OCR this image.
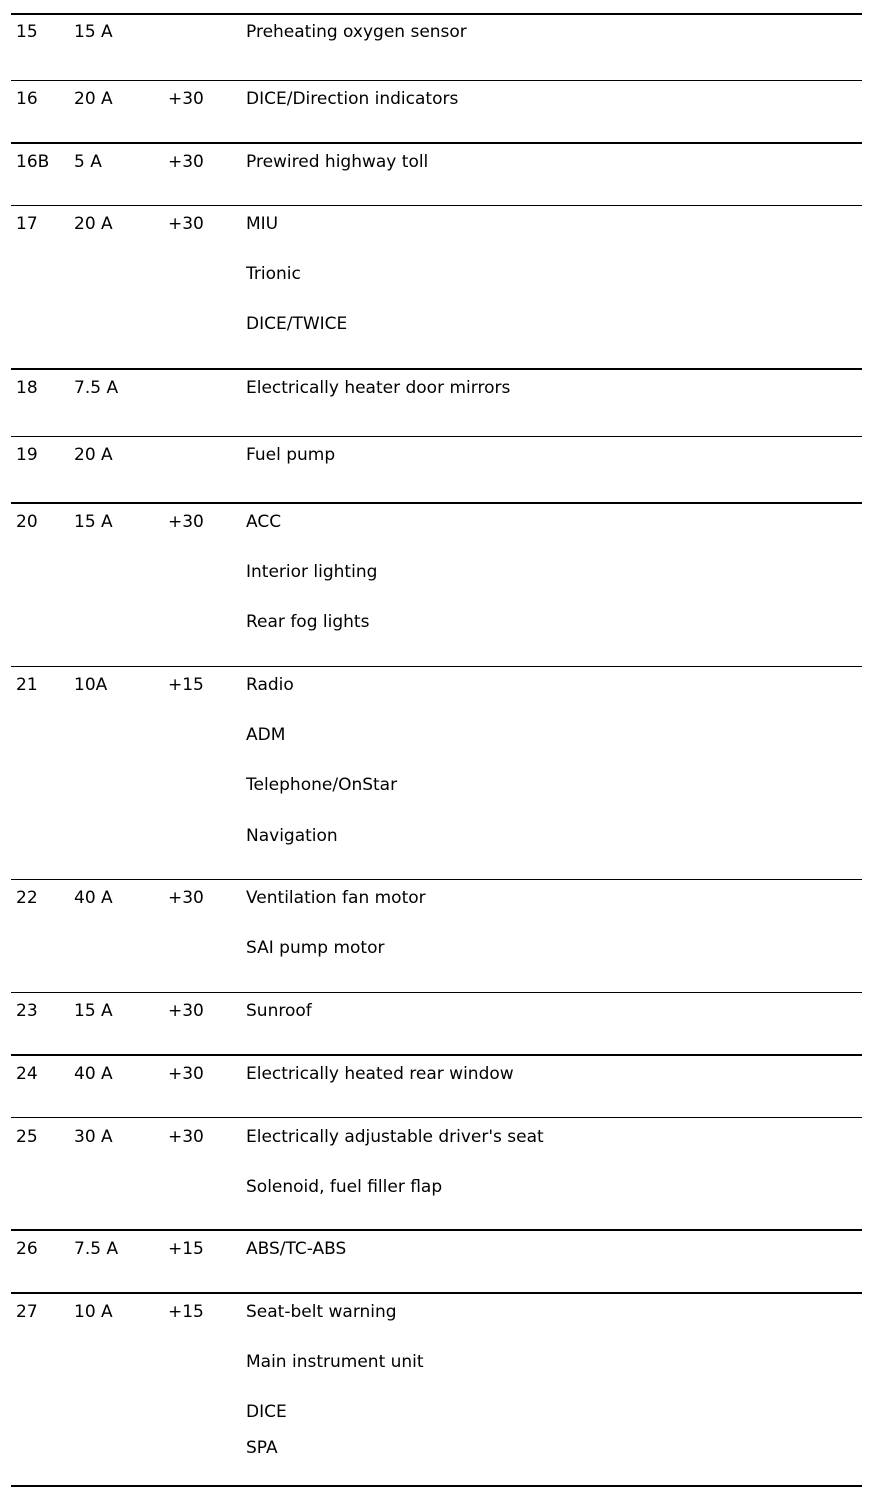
15 15 A	Preheating oxygen sensor
16 20 A	+30 DICE/Direction indicators
16B 5 A	+30 Prewired highway toll
17 20 A	+30 MIU
Trionic
DICE/TWICE
18 7.5 A	Electrically heater door mirrors
19 20 A	Fuel pump
20 15 A	+30 ACC
Interior lighting
Rear fog lights
21 10A	+15 Radio
ADM
Telephone/OnStar
Navigation
22 40 A	+30 Ventilation fan motor
SAI pump motor
23 15 A	+30 Sunroof
24 40 A	+30 Electrically heated rear window
25 30 A	+30 Electrically adjustable driver's seat
Solenoid, fuel filler flap
26 7.5 A	+15 ABS/TC-ABS
27 10 A	+15 Seat-belt warning
Main instrument unit
DICE
SPA
